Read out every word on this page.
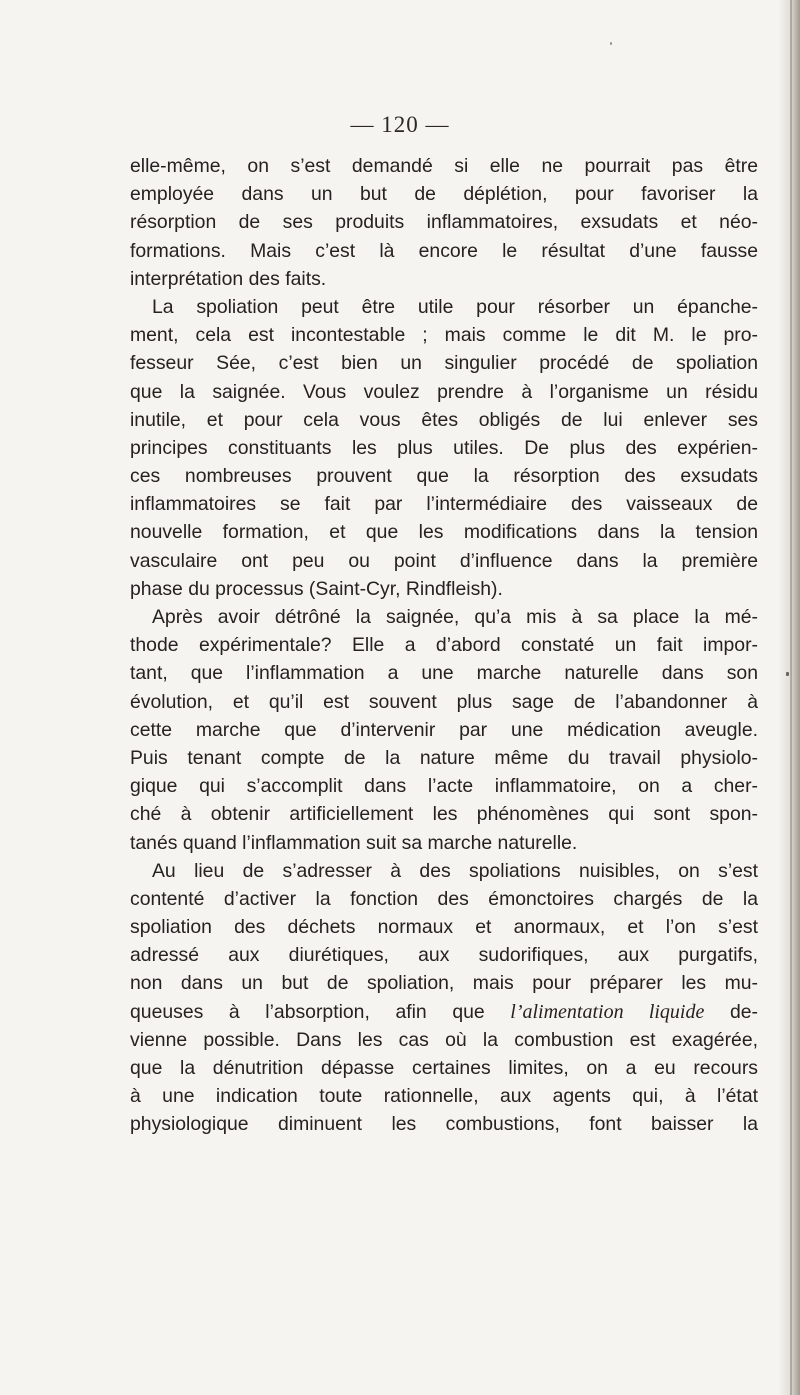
— 120 —

elle-même, on s’est demandé si elle ne pourrait pas être
employée dans un but de déplétion, pour favoriser la
résorption de ses produits inflammatoires, exsudats et néo-
formations. Mais c’est là encore le résultat d’une fausse
interprétation des faits.
La spoliation peut être utile pour résorber un épanche-
ment, cela est incontestable ; mais comme le dit M. le pro-
fesseur Sée, c’est bien un singulier procédé de spoliation
que la saignée. Vous voulez prendre à l’organisme un résidu
inutile, et pour cela vous êtes obligés de lui enlever ses
principes constituants les plus utiles. De plus des expérien-
ces nombreuses prouvent que la résorption des exsudats
inflammatoires se fait par l’intermédiaire des vaisseaux de
nouvelle formation, et que les modifications dans la tension
vasculaire ont peu ou point d’influence dans la première
phase du processus (Saint-Cyr, Rindfleish).
Après avoir détrôné la saignée, qu’a mis à sa place la mé-
thode expérimentale? Elle a d’abord constaté un fait impor-
tant, que l’inflammation a une marche naturelle dans son
évolution, et qu’il est souvent plus sage de l’abandonner à
cette marche que d’intervenir par une médication aveugle.
Puis tenant compte de la nature même du travail physiolo-
gique qui s’accomplit dans l’acte inflammatoire, on a cher-
ché à obtenir artificiellement les phénomènes qui sont spon-
tanés quand l’inflammation suit sa marche naturelle.
Au lieu de s’adresser à des spoliations nuisibles, on s’est
contenté d’activer la fonction des émonctoires chargés de la
spoliation des déchets normaux et anormaux, et l’on s’est
adressé aux diurétiques, aux sudorifiques, aux purgatifs,
non dans un but de spoliation, mais pour préparer les mu-
queuses à l’absorption, afin que l’alimentation liquide de-
vienne possible. Dans les cas où la combustion est exagérée,
que la dénutrition dépasse certaines limites, on a eu recours
à une indication toute rationnelle, aux agents qui, à l’état
physiologique diminuent les combustions, font baisser la
